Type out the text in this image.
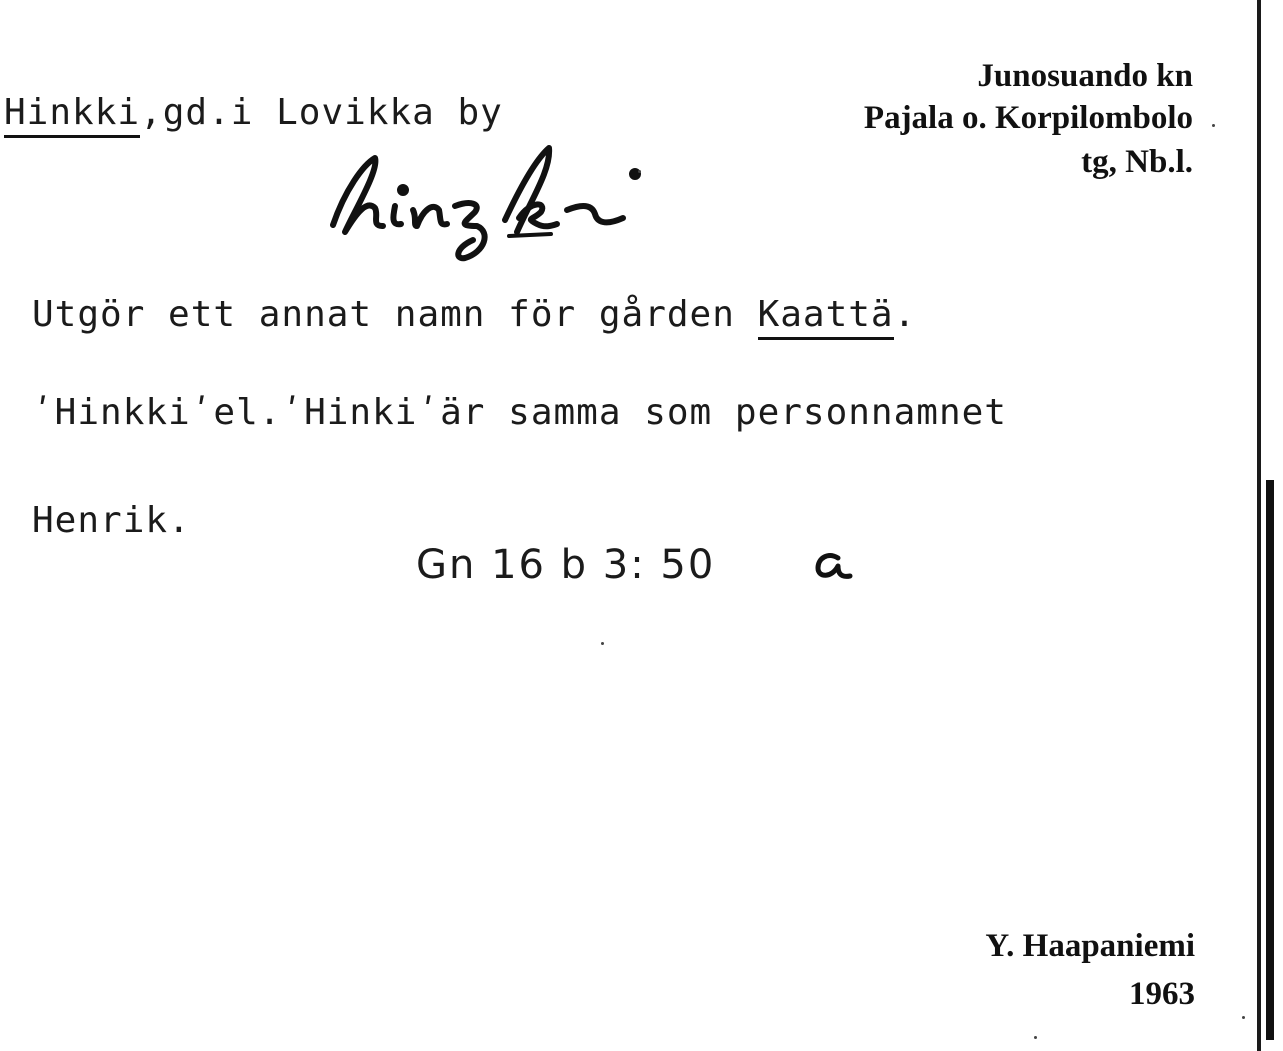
Hinkki,gd.i Lovikka by
Junosuando kn
Pajala o. Korpilombolo
tg, Nb.l.
Utgör ett annat namn för gården Kaattä.
ʹHinkkiʹel.ʹHinkiʹär samma som personnamnet
Henrik.
Gn 16 b 3: 50
Y. Haapaniemi
1963
